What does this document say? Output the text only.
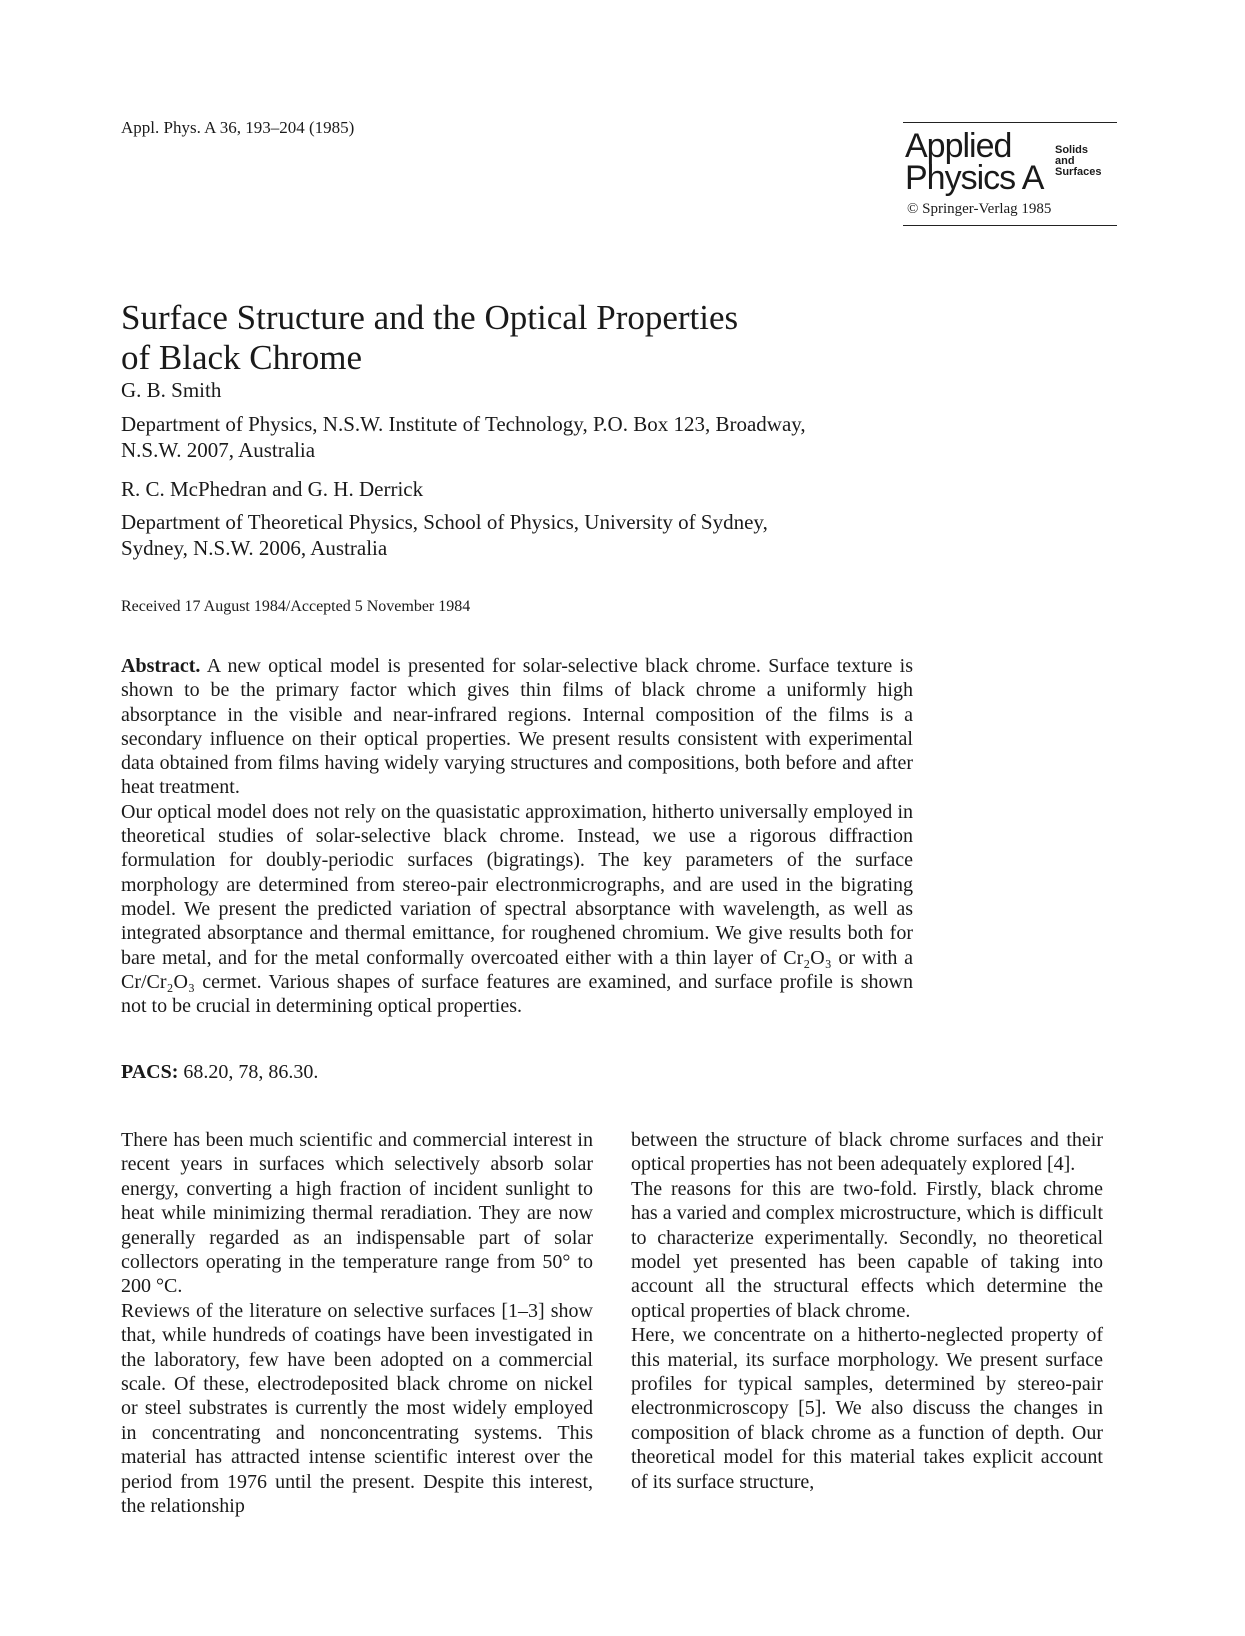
Appl. Phys. A 36, 193–204 (1985)	Applied
Physics A
Solids
and
Surfaces
© Springer-Verlag 1985
Surface Structure and the Optical Properties
of Black Chrome
G. B. Smith
Department of Physics, N.S.W. Institute of Technology, P.O. Box 123, Broadway,
N.S.W. 2007, Australia
R. C. McPhedran and G. H. Derrick
Department of Theoretical Physics, School of Physics, University of Sydney,
Sydney, N.S.W. 2006, Australia
Received 17 August 1984/Accepted 5 November 1984

Abstract. A new optical model is presented for solar-selective black chrome. Surface texture is shown to be the primary factor which gives thin films of black chrome a uniformly high absorptance in the visible and near-infrared regions. Internal composition of the films is a secondary influence on their optical properties. We present results consistent with experimental data obtained from films having widely varying structures and compositions, both before and after heat treatment.

Our optical model does not rely on the quasistatic approximation, hitherto universally employed in theoretical studies of solar-selective black chrome. Instead, we use a rigorous diffraction formulation for doubly-periodic surfaces (bigratings). The key parameters of the surface morphology are determined from stereo-pair electronmicrographs, and are used in the bigrating model. We present the predicted variation of spectral absorptance with wavelength, as well as integrated absorptance and thermal emittance, for roughened chromium. We give results both for bare metal, and for the metal conformally overcoated either with a thin layer of Cr₂O₃ or with a Cr/Cr₂O₃ cermet. Various shapes of surface features are examined, and surface profile is shown not to be crucial in determining optical properties.

PACS: 68.20, 78, 86.30.

There has been much scientific and commercial interest in recent years in surfaces which selectively absorb solar energy, converting a high fraction of incident sunlight to heat while minimizing thermal reradiation. They are now generally regarded as an indispensable part of solar collectors operating in the temperature range from 50° to 200 °C.

Reviews of the literature on selective surfaces [1–3] show that, while hundreds of coatings have been investigated in the laboratory, few have been adopted on a commercial scale. Of these, electrodeposited black chrome on nickel or steel substrates is currently the most widely employed in concentrating and nonconcentrating systems. This material has attracted intense scientific interest over the period from 1976 until the present. Despite this interest, the relationship

between the structure of black chrome surfaces and their optical properties has not been adequately explored [4].

The reasons for this are two-fold. Firstly, black chrome has a varied and complex microstructure, which is difficult to characterize experimentally. Secondly, no theoretical model yet presented has been capable of taking into account all the structural effects which determine the optical properties of black chrome.

Here, we concentrate on a hitherto-neglected property of this material, its surface morphology. We present surface profiles for typical samples, determined by stereo-pair electronmicroscopy [5]. We also discuss the changes in composition of black chrome as a function of depth. Our theoretical model for this material takes explicit account of its surface structure,
